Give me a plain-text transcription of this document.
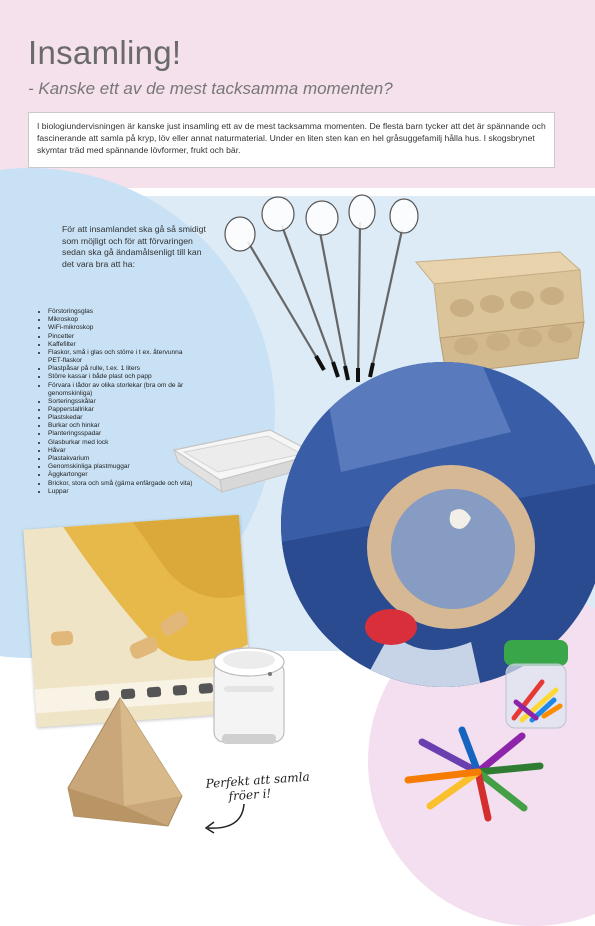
Insamling!
- Kanske ett av de mest tacksamma momenten?
I biologiundervisningen är kanske just insamling ett av de mest tacksamma momenten. De flesta barn tycker att det är spännande och fascinerande att samla på kryp, löv eller annat naturmaterial. Under en liten sten kan en hel gråsuggefamilj hålla hus. I skogsbrynet skymtar träd med spännande lövformer, frukt och bär.

För att insamlandet ska gå så smidigt som möjligt och för att förvaringen sedan ska gå ändamålsenligt till kan det vara bra att ha:

• Förstoringsglas
• Mikroskop
• WiFi-mikroskop
• Pincetter
• Kaffefilter
• Flaskor, små i glas och större i t ex. återvunna PET-flaskor
• Plastpåsar på rulle, t.ex. 1 liters
• Större kassar i både plast och papp
• Förvara i lådor av olika storlekar (bra om de är genomskinliga)
• Sorteringsskålar
• Papperstallrikar
• Plastskedar
• Burkar och hinkar
• Planteringsspadar
• Glasburkar med lock
• Håvar
• Plastakvarium
• Genomskinliga plastmuggar
• Äggkartonger
• Brickor, stora och små (gärna enfärgade och vita)
• Luppar
Perfekt att samla
fröer i!
